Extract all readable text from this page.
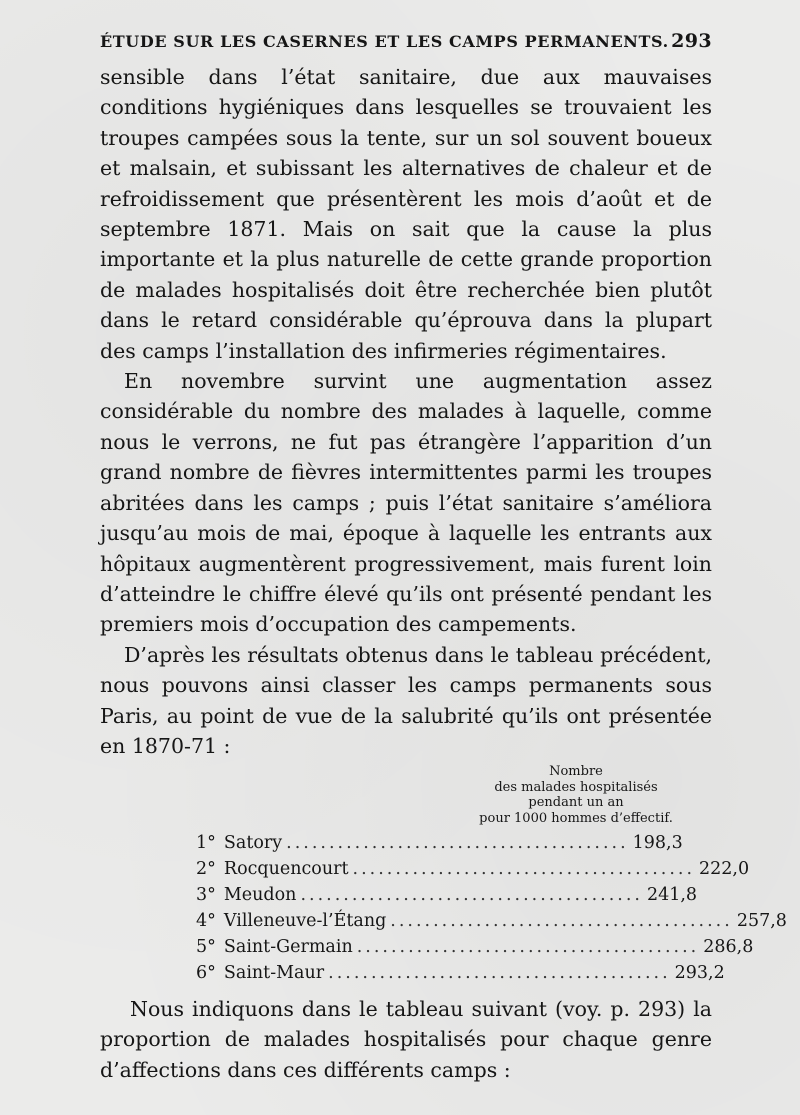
ÉTUDE SUR LES CASERNES ET LES CAMPS PERMANENTS. 293

sensible dans l’état sanitaire, due aux mauvaises conditions hygiéniques dans lesquelles se trouvaient les troupes campées sous la tente, sur un sol souvent boueux et malsain, et subissant les alternatives de chaleur et de refroidissement que présentèrent les mois d’août et de septembre 1871. Mais on sait que la cause la plus importante et la plus naturelle de cette grande proportion de malades hospitalisés doit être recherchée bien plutôt dans le retard considérable qu’éprouva dans la plupart des camps l’installation des infirmeries régimentaires.

En novembre survint une augmentation assez considérable du nombre des malades à laquelle, comme nous le verrons, ne fut pas étrangère l’apparition d’un grand nombre de fièvres intermittentes parmi les troupes abritées dans les camps ; puis l’état sanitaire s’améliora jusqu’au mois de mai, époque à laquelle les entrants aux hôpitaux augmentèrent progressivement, mais furent loin d’atteindre le chiffre élevé qu’ils ont présenté pendant les premiers mois d’occupation des campements.

D’après les résultats obtenus dans le tableau précédent, nous pouvons ainsi classer les camps permanents sous Paris, au point de vue de la salubrité qu’ils ont présentée en 1870-71 :

Nombre
des malades hospitalisés
pendant un an
pour 1000 hommes d’effectif.
1° Satory ........................................ 198,3
2° Rocquencourt ........................................ 222,0
3° Meudon ........................................ 241,8
4° Villeneuve-l’Étang ........................................ 257,8
5° Saint-Germain ........................................ 286,8
6° Saint-Maur ........................................ 293,2

Nous indiquons dans le tableau suivant (voy. p. 293) la proportion de malades hospitalisés pour chaque genre d’affections dans ces différents camps :
